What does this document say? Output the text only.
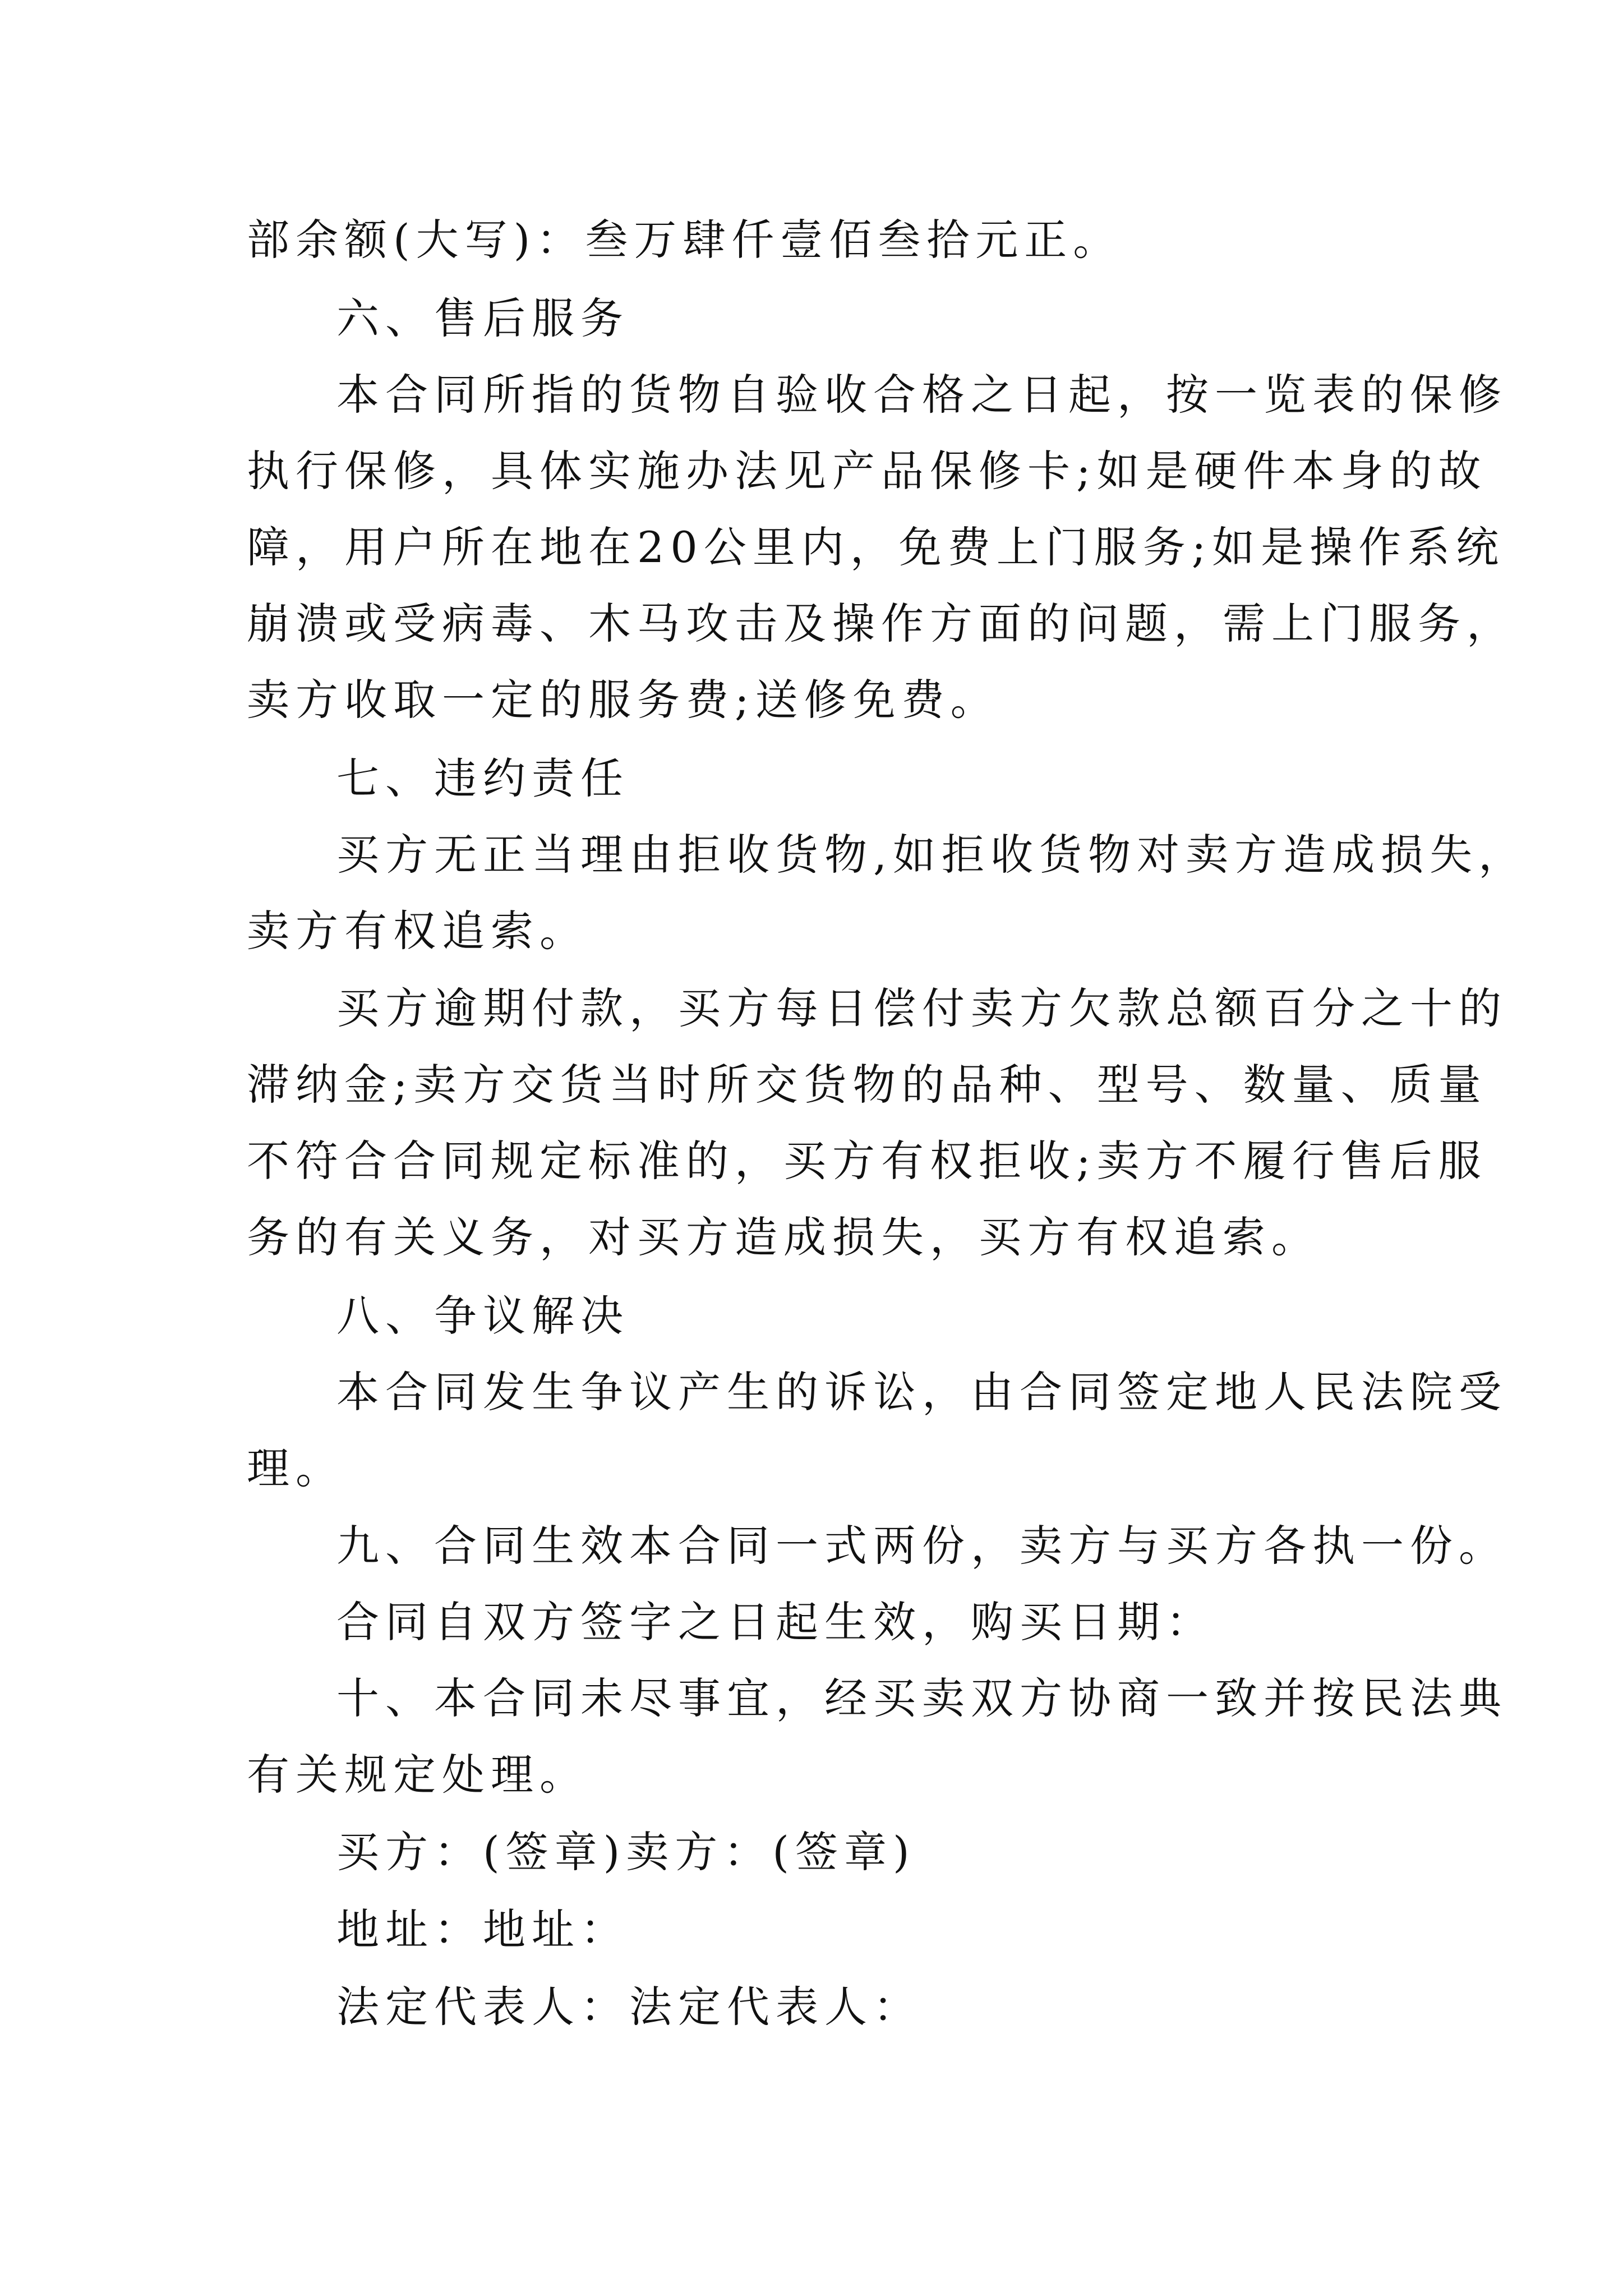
部余额(大写)：叁万肆仟壹佰叁拾元正。
六、售后服务
本合同所指的货物自验收合格之日起，按一览表的保修
执行保修，具体实施办法见产品保修卡;如是硬件本身的故
障，用户所在地在20公里内，免费上门服务;如是操作系统
崩溃或受病毒、木马攻击及操作方面的问题，需上门服务，
卖方收取一定的服务费;送修免费。
七、违约责任
买方无正当理由拒收货物,如拒收货物对卖方造成损失，
卖方有权追索。
买方逾期付款，买方每日偿付卖方欠款总额百分之十的
滞纳金;卖方交货当时所交货物的品种、型号、数量、质量
不符合合同规定标准的，买方有权拒收;卖方不履行售后服
务的有关义务，对买方造成损失，买方有权追索。
八、争议解决
本合同发生争议产生的诉讼，由合同签定地人民法院受
理。
九、合同生效本合同一式两份，卖方与买方各执一份。
合同自双方签字之日起生效，购买日期：
十、本合同未尽事宜，经买卖双方协商一致并按民法典
有关规定处理。
买方：(签章)卖方：(签章)
地址：地址：
法定代表人：法定代表人：
